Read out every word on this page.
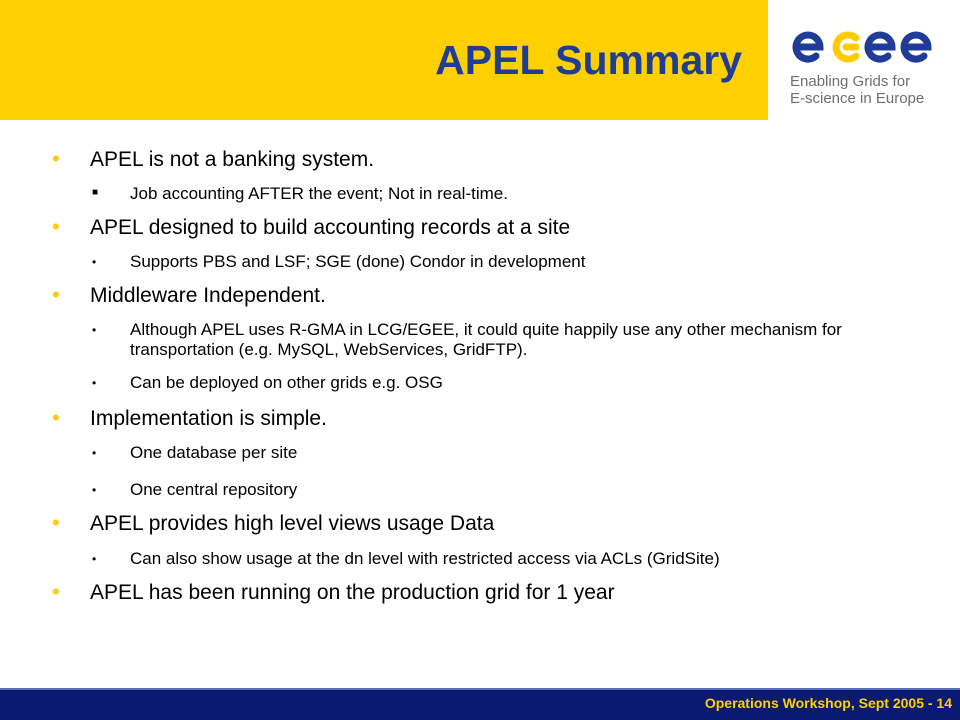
APEL Summary	Enabling Grids for
E-science in Europe
• APEL is not a banking system.
■ Job accounting AFTER the event; Not in real-time.
• APEL designed to build accounting records at a site
• Supports PBS and LSF; SGE (done) Condor in development
• Middleware Independent.
• Although APEL uses R-GMA in LCG/EGEE, it could quite happily use any other mechanism for transportation (e.g. MySQL, WebServices, GridFTP).
• Can be deployed on other grids e.g. OSG
• Implementation is simple.
• One database per site
• One central repository
• APEL provides high level views usage Data
• Can also show usage at the dn level with restricted access via ACLs (GridSite)
• APEL has been running on the production grid for 1 year
Operations Workshop, Sept 2005 - 14
